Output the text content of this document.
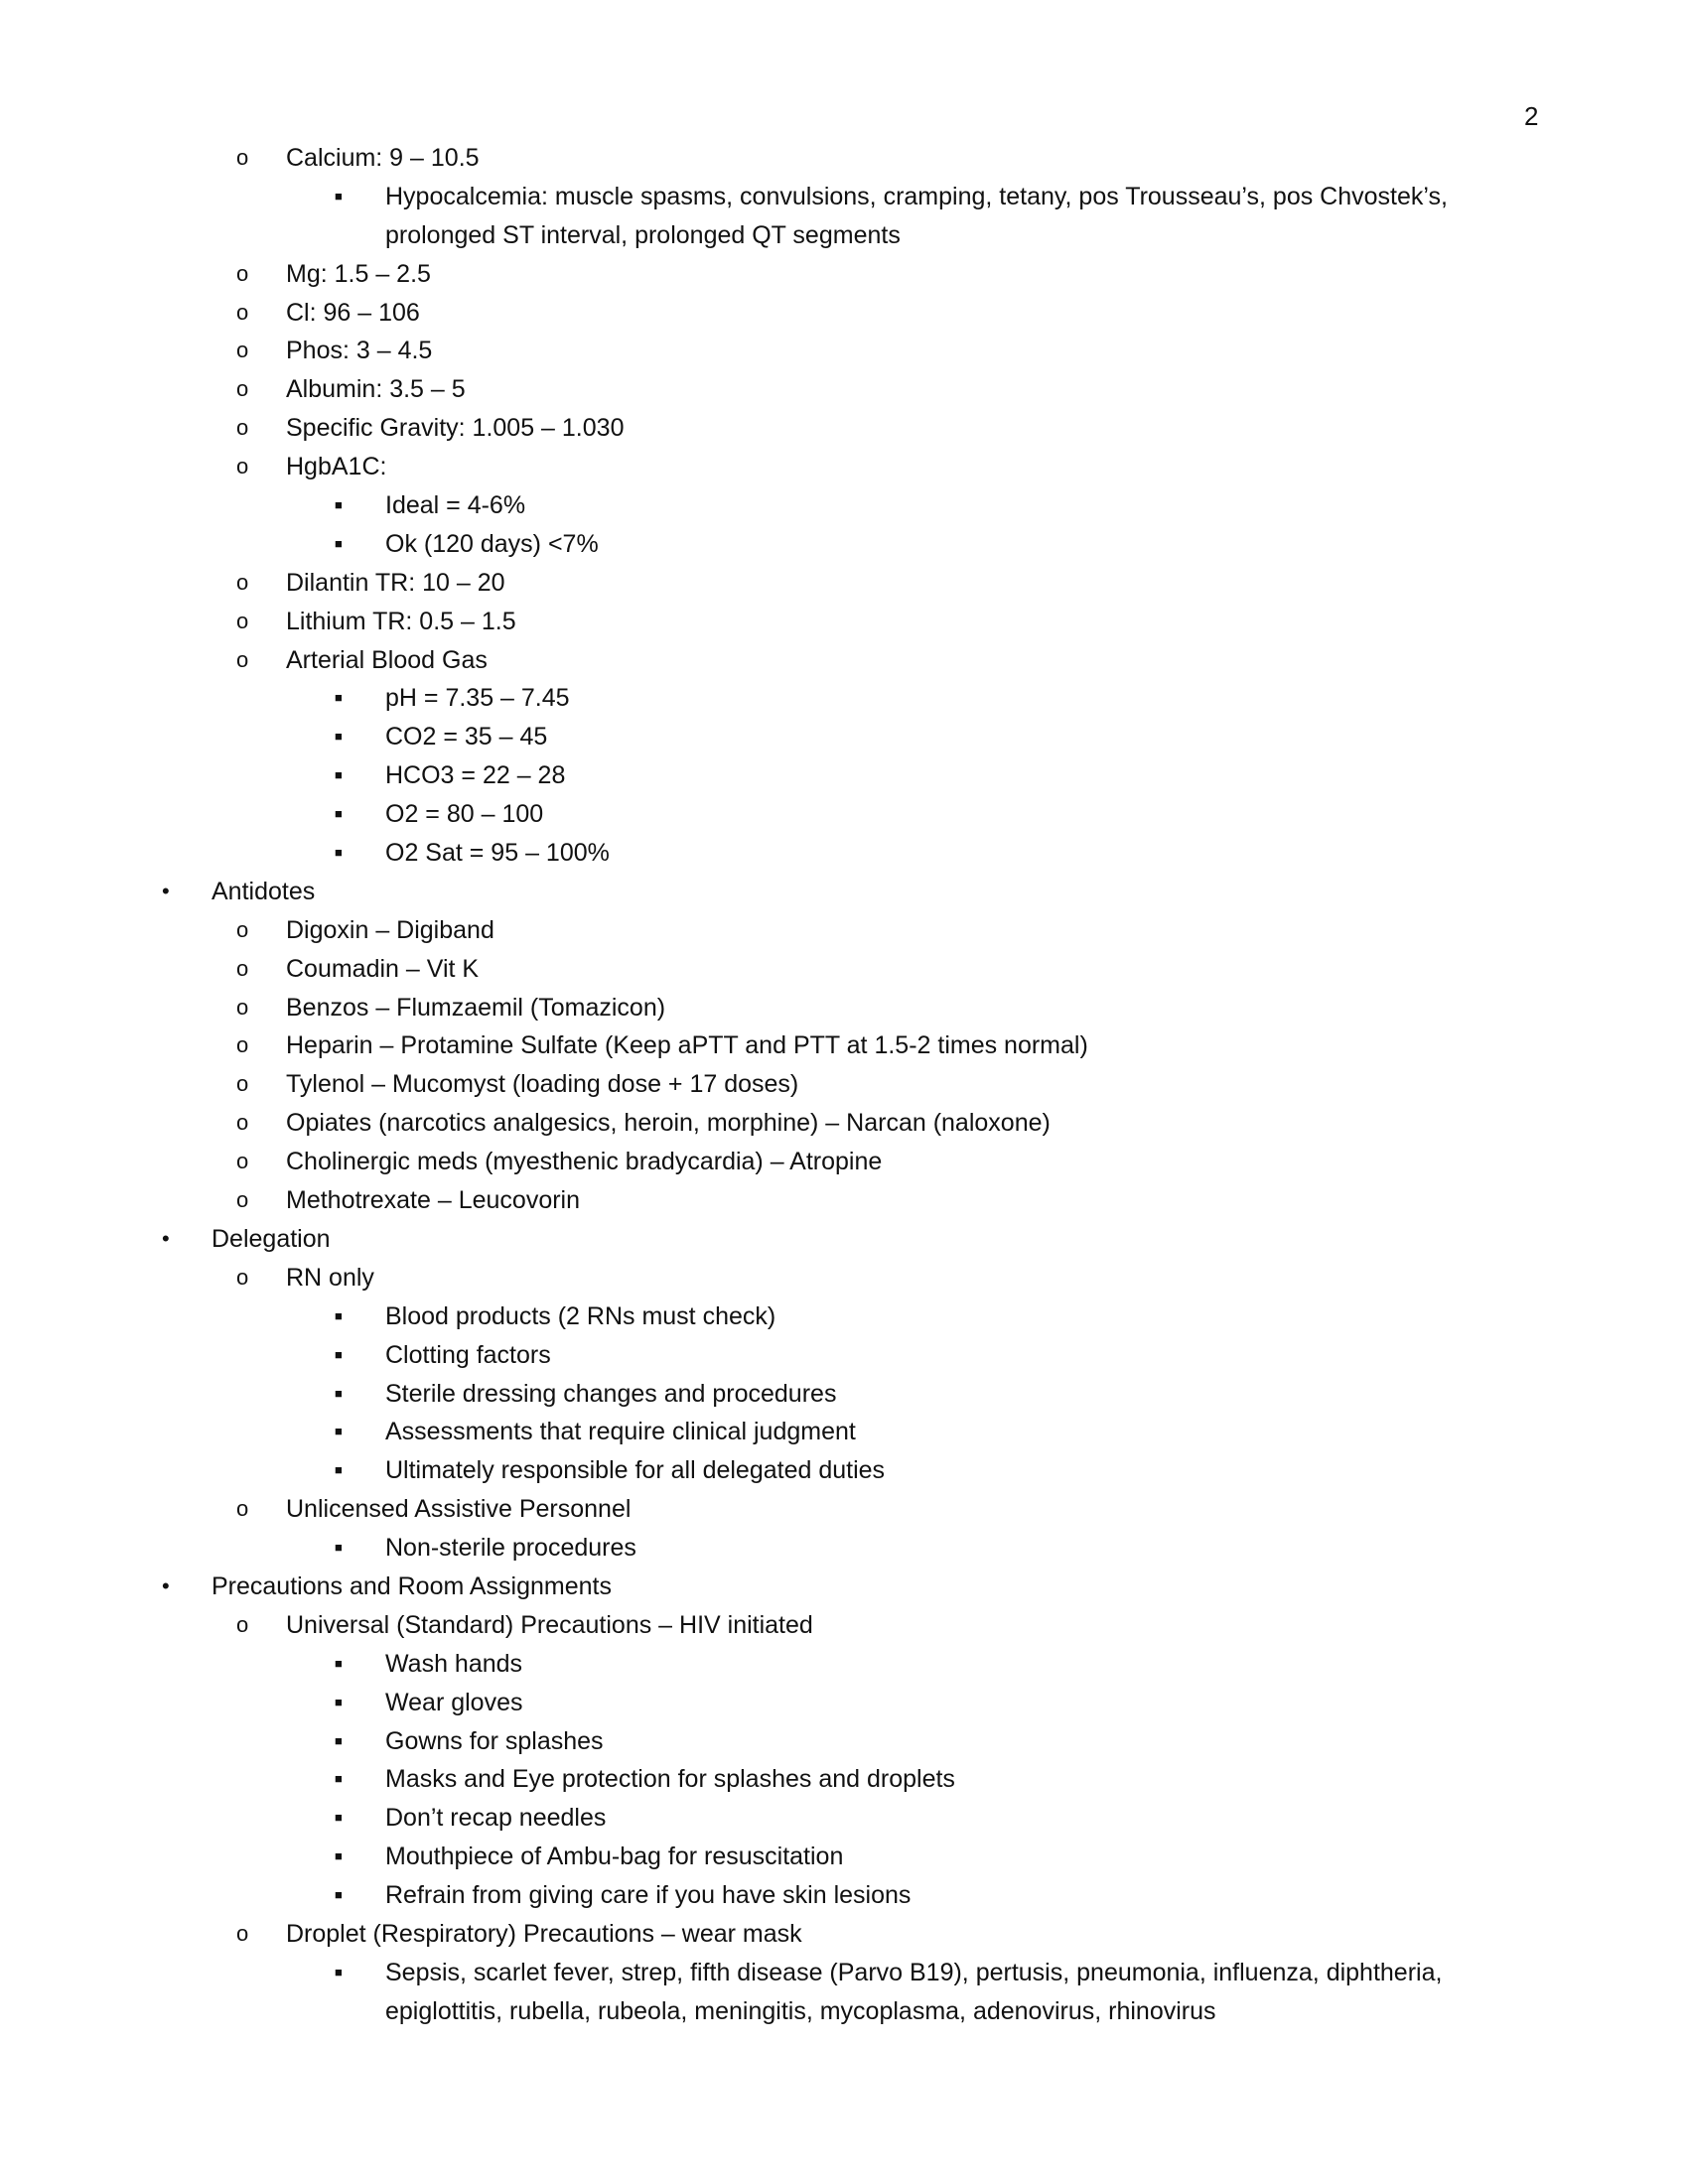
2
o Calcium: 9 – 10.5
■ Hypocalcemia: muscle spasms, convulsions, cramping, tetany, pos Trousseau’s, pos Chvostek’s,
prolonged ST interval, prolonged QT segments
o Mg: 1.5 – 2.5
o Cl: 96 – 106
o Phos: 3 – 4.5
o Albumin: 3.5 – 5
o Specific Gravity: 1.005 – 1.030
o HgbA1C:
■ Ideal = 4-6%
■ Ok (120 days) <7%
o Dilantin TR: 10 – 20
o Lithium TR: 0.5 – 1.5
o Arterial Blood Gas
■ pH = 7.35 – 7.45
■ CO2 = 35 – 45
■ HCO3 = 22 – 28
■ O2 = 80 – 100
■ O2 Sat = 95 – 100%
• Antidotes
o Digoxin – Digiband
o Coumadin – Vit K
o Benzos – Flumzaemil (Tomazicon)
o Heparin – Protamine Sulfate (Keep aPTT and PTT at 1.5-2 times normal)
o Tylenol – Mucomyst (loading dose + 17 doses)
o Opiates (narcotics analgesics, heroin, morphine) – Narcan (naloxone)
o Cholinergic meds (myesthenic bradycardia) – Atropine
o Methotrexate – Leucovorin
• Delegation
o RN only
■ Blood products (2 RNs must check)
■ Clotting factors
■ Sterile dressing changes and procedures
■ Assessments that require clinical judgment
■ Ultimately responsible for all delegated duties
o Unlicensed Assistive Personnel
■ Non-sterile procedures
• Precautions and Room Assignments
o Universal (Standard) Precautions – HIV initiated
■ Wash hands
■ Wear gloves
■ Gowns for splashes
■ Masks and Eye protection for splashes and droplets
■ Don’t recap needles
■ Mouthpiece of Ambu-bag for resuscitation
■ Refrain from giving care if you have skin lesions
o Droplet (Respiratory) Precautions – wear mask
■ Sepsis, scarlet fever, strep, fifth disease (Parvo B19), pertusis, pneumonia, influenza, diphtheria,
epiglottitis, rubella, rubeola, meningitis, mycoplasma, adenovirus, rhinovirus
